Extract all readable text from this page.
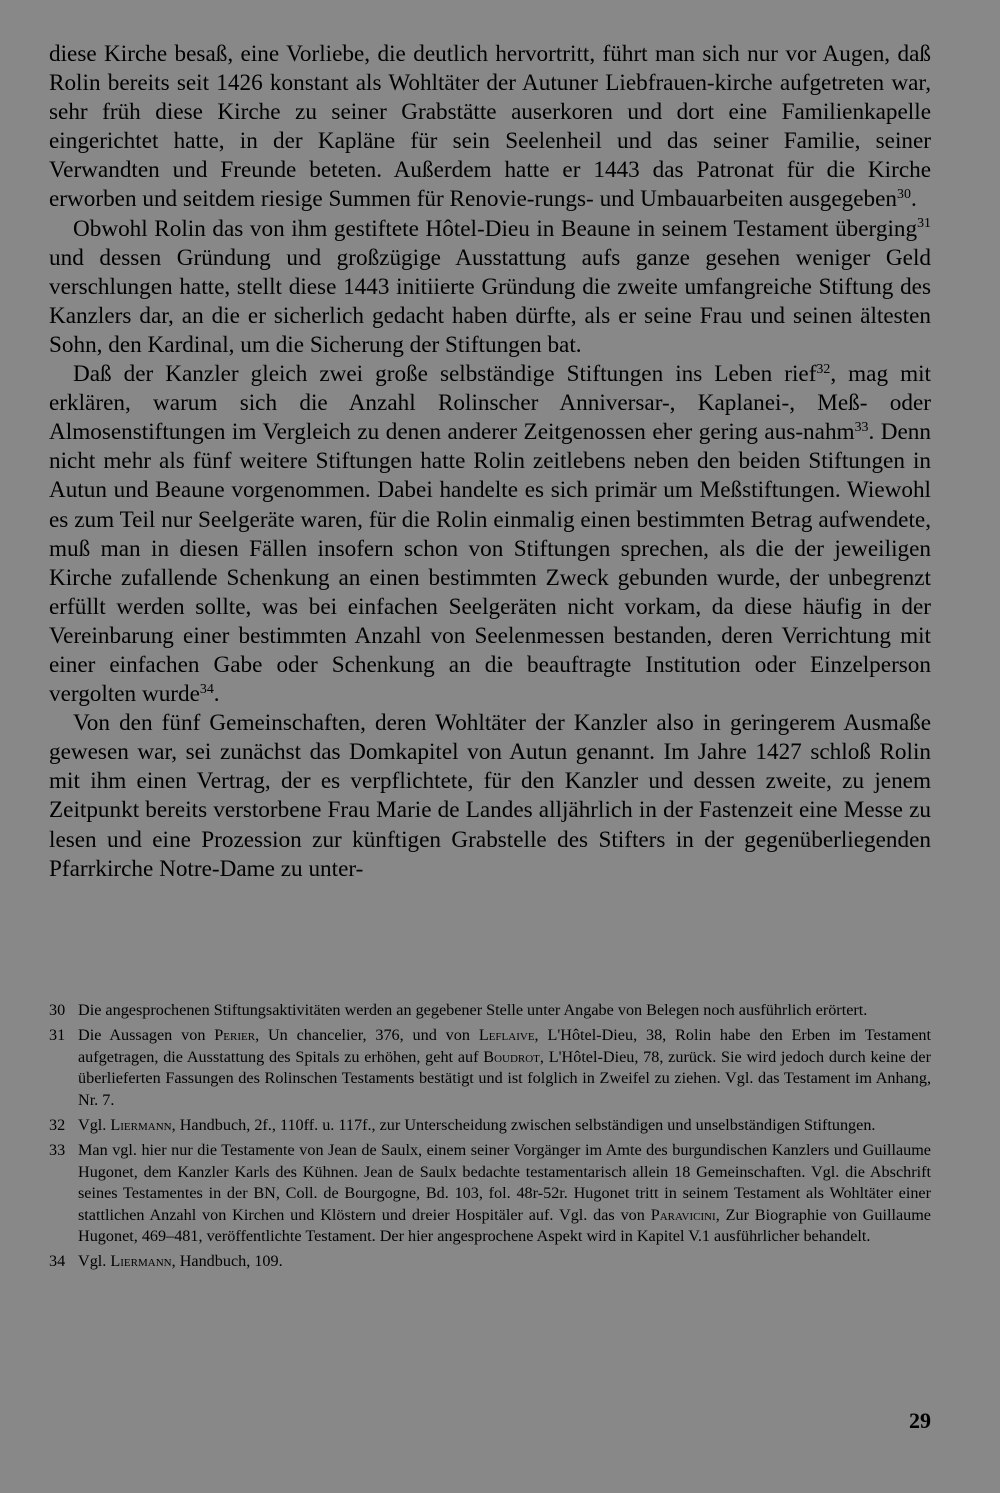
diese Kirche besaß, eine Vorliebe, die deutlich hervortritt, führt man sich nur vor Augen, daß Rolin bereits seit 1426 konstant als Wohltäter der Autuner Liebfrauen-kirche aufgetreten war, sehr früh diese Kirche zu seiner Grabstätte auserkoren und dort eine Familienkapelle eingerichtet hatte, in der Kapläne für sein Seelenheil und das seiner Familie, seiner Verwandten und Freunde beteten. Außerdem hatte er 1443 das Patronat für die Kirche erworben und seitdem riesige Summen für Renovie-rungs- und Umbauarbeiten ausgegeben$^{30}$.

Obwohl Rolin das von ihm gestiftete Hôtel-Dieu in Beaune in seinem Testament überging$^{31}$ und dessen Gründung und großzügige Ausstattung aufs ganze gesehen weniger Geld verschlungen hatte, stellt diese 1443 initiierte Gründung die zweite umfangreiche Stiftung des Kanzlers dar, an die er sicherlich gedacht haben dürfte, als er seine Frau und seinen ältesten Sohn, den Kardinal, um die Sicherung der Stiftungen bat.

Daß der Kanzler gleich zwei große selbständige Stiftungen ins Leben rief$^{32}$, mag mit erklären, warum sich die Anzahl Rolinscher Anniversar-, Kaplanei-, Meß- oder Almosenstiftungen im Vergleich zu denen anderer Zeitgenossen eher gering aus-nahm$^{33}$. Denn nicht mehr als fünf weitere Stiftungen hatte Rolin zeitlebens neben den beiden Stiftungen in Autun und Beaune vorgenommen. Dabei handelte es sich primär um Meßstiftungen. Wiewohl es zum Teil nur Seelgeräte waren, für die Rolin einmalig einen bestimmten Betrag aufwendete, muß man in diesen Fällen insofern schon von Stiftungen sprechen, als die der jeweiligen Kirche zufallende Schenkung an einen bestimmten Zweck gebunden wurde, der unbegrenzt erfüllt werden sollte, was bei einfachen Seelgeräten nicht vorkam, da diese häufig in der Vereinbarung einer bestimmten Anzahl von Seelenmessen bestanden, deren Verrichtung mit einer einfachen Gabe oder Schenkung an die beauftragte Institution oder Einzelperson vergolten wurde$^{34}$.

Von den fünf Gemeinschaften, deren Wohltäter der Kanzler also in geringerem Ausmaße gewesen war, sei zunächst das Domkapitel von Autun genannt. Im Jahre 1427 schloß Rolin mit ihm einen Vertrag, der es verpflichtete, für den Kanzler und dessen zweite, zu jenem Zeitpunkt bereits verstorbene Frau Marie de Landes alljährlich in der Fastenzeit eine Messe zu lesen und eine Prozession zur künftigen Grabstelle des Stifters in der gegenüberliegenden Pfarrkirche Notre-Dame zu unter-

30 Die angesprochenen Stiftungsaktivitäten werden an gegebener Stelle unter Angabe von Belegen noch ausführlich erörtert.
31 Die Aussagen von Perier, Un chancelier, 376, und von Leflaive, L'Hôtel-Dieu, 38, Rolin habe den Erben im Testament aufgetragen, die Ausstattung des Spitals zu erhöhen, geht auf Boudrot, L'Hôtel-Dieu, 78, zurück. Sie wird jedoch durch keine der überlieferten Fassungen des Rolinschen Testaments bestätigt und ist folglich in Zweifel zu ziehen. Vgl. das Testament im Anhang, Nr. 7.
32 Vgl. Liermann, Handbuch, 2f., 110ff. u. 117f., zur Unterscheidung zwischen selbständigen und unselbständigen Stiftungen.
33 Man vgl. hier nur die Testamente von Jean de Saulx, einem seiner Vorgänger im Amte des burgundischen Kanzlers und Guillaume Hugonet, dem Kanzler Karls des Kühnen. Jean de Saulx bedachte testamentarisch allein 18 Gemeinschaften. Vgl. die Abschrift seines Testamentes in der BN, Coll. de Bourgogne, Bd. 103, fol. 48r-52r. Hugonet tritt in seinem Testament als Wohltäter einer stattlichen Anzahl von Kirchen und Klöstern und dreier Hospitäler auf. Vgl. das von Paravicini, Zur Biographie von Guillaume Hugonet, 469–481, veröffentlichte Testament. Der hier angesprochene Aspekt wird in Kapitel V.1 ausführlicher behandelt.
34 Vgl. Liermann, Handbuch, 109.
29
